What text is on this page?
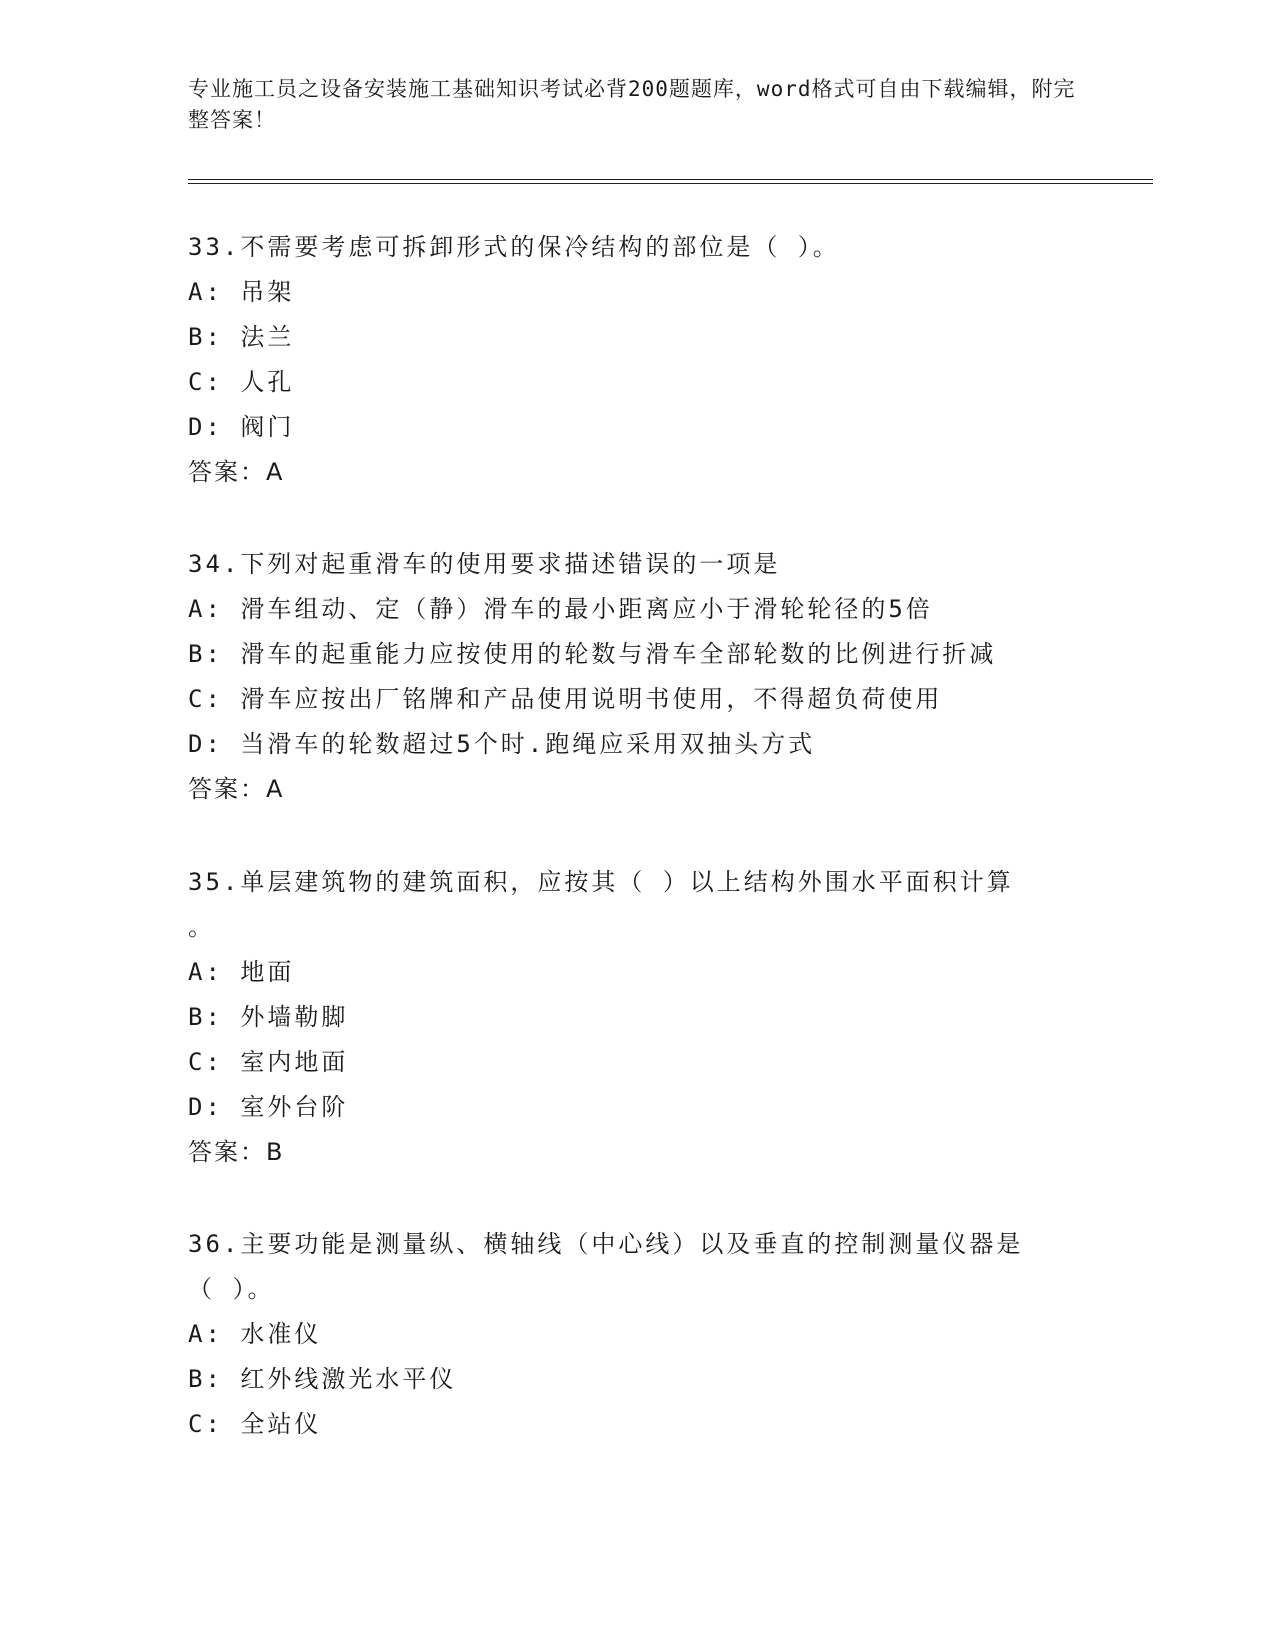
专业施工员之设备安装施工基础知识考试必背200题题库，word格式可自由下载编辑，附完整答案！
33.不需要考虑可拆卸形式的保冷结构的部位是（ ）。
A: 吊架
B: 法兰
C: 人孔
D: 阀门
答案：A
34.下列对起重滑车的使用要求描述错误的一项是
A: 滑车组动、定（静）滑车的最小距离应小于滑轮轮径的5倍
B: 滑车的起重能力应按使用的轮数与滑车全部轮数的比例进行折减
C: 滑车应按出厂铭牌和产品使用说明书使用，不得超负荷使用
D: 当滑车的轮数超过5个时.跑绳应采用双抽头方式
答案：A
35.单层建筑物的建筑面积，应按其（ ）以上结构外围水平面积计算
。
A: 地面
B: 外墙勒脚
C: 室内地面
D: 室外台阶
答案：B
36.主要功能是测量纵、横轴线（中心线）以及垂直的控制测量仪器是
（ ）。
A: 水准仪
B: 红外线激光水平仪
C: 全站仪
